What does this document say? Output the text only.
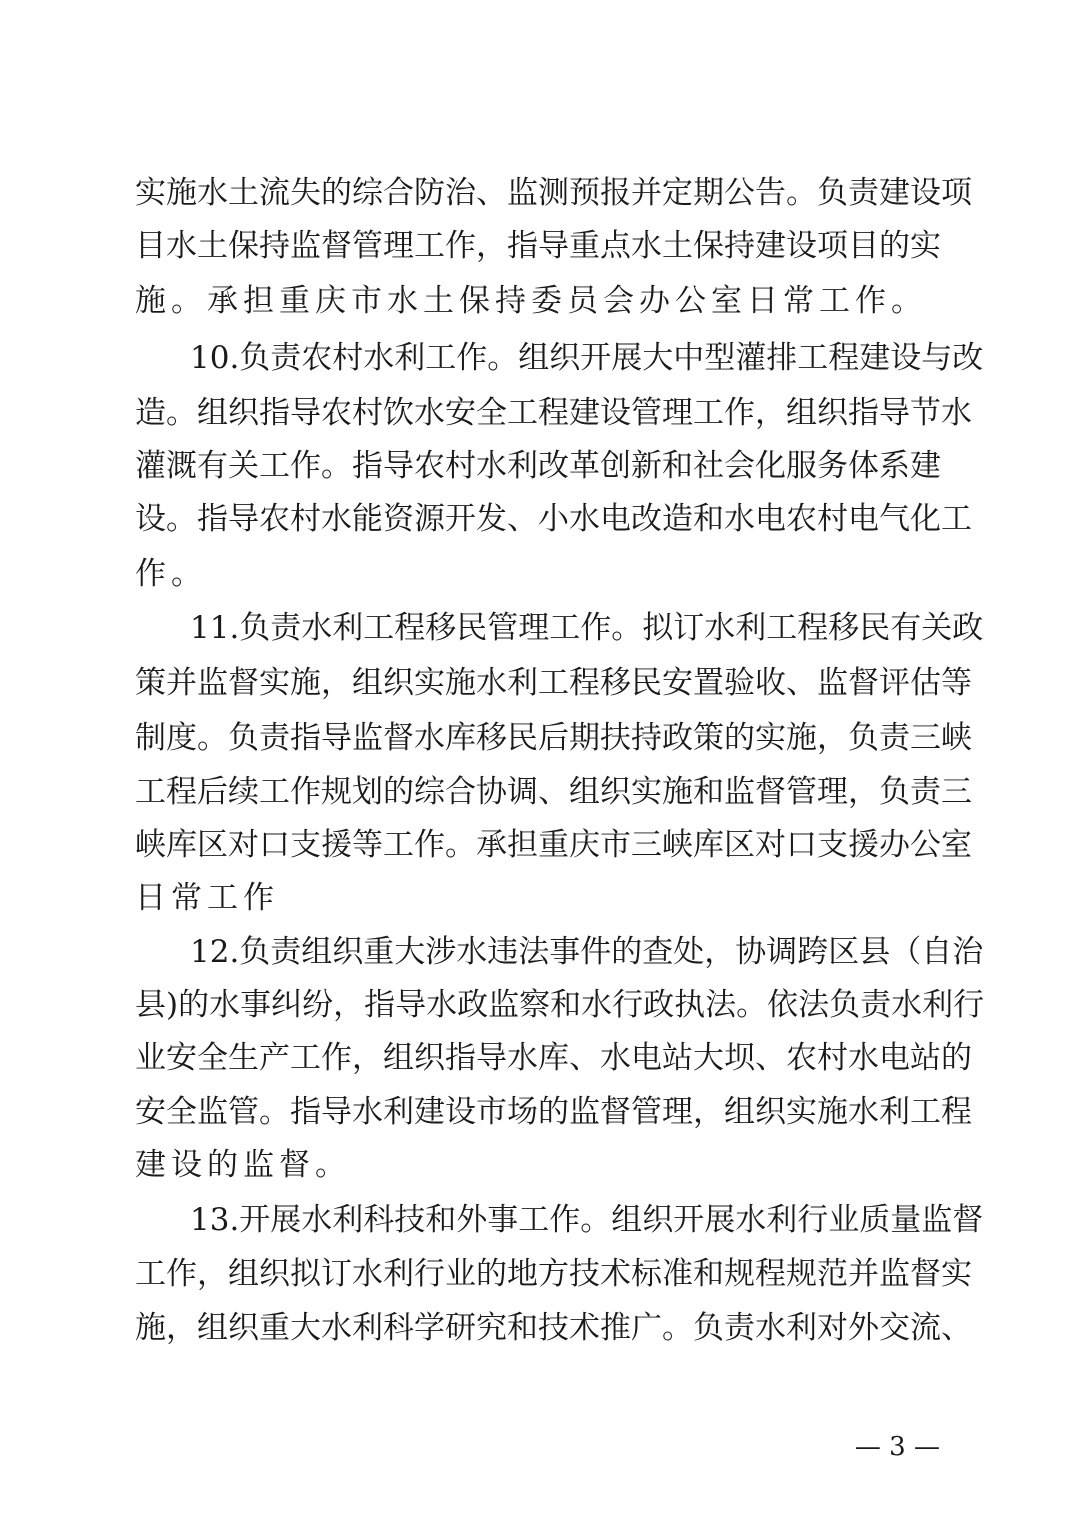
实施水土流失的综合防治、监测预报并定期公告。负责建设项
目水土保持监督管理工作，指导重点水土保持建设项目的实
施。承担重庆市水土保持委员会办公室日常工作。
10.负责农村水利工作。组织开展大中型灌排工程建设与改
造。组织指导农村饮水安全工程建设管理工作，组织指导节水
灌溉有关工作。指导农村水利改革创新和社会化服务体系建
设。指导农村水能资源开发、小水电改造和水电农村电气化工
作。
11.负责水利工程移民管理工作。拟订水利工程移民有关政
策并监督实施，组织实施水利工程移民安置验收、监督评估等
制度。负责指导监督水库移民后期扶持政策的实施，负责三峡
工程后续工作规划的综合协调、组织实施和监督管理，负责三
峡库区对口支援等工作。承担重庆市三峡库区对口支援办公室
日常工作
12.负责组织重大涉水违法事件的查处，协调跨区县（自治
县)的水事纠纷，指导水政监察和水行政执法。依法负责水利行
业安全生产工作，组织指导水库、水电站大坝、农村水电站的
安全监管。指导水利建设市场的监督管理，组织实施水利工程
建设的监督。
13.开展水利科技和外事工作。组织开展水利行业质量监督
工作，组织拟订水利行业的地方技术标准和规程规范并监督实
施，组织重大水利科学研究和技术推广。负责水利对外交流、
— 3 —
